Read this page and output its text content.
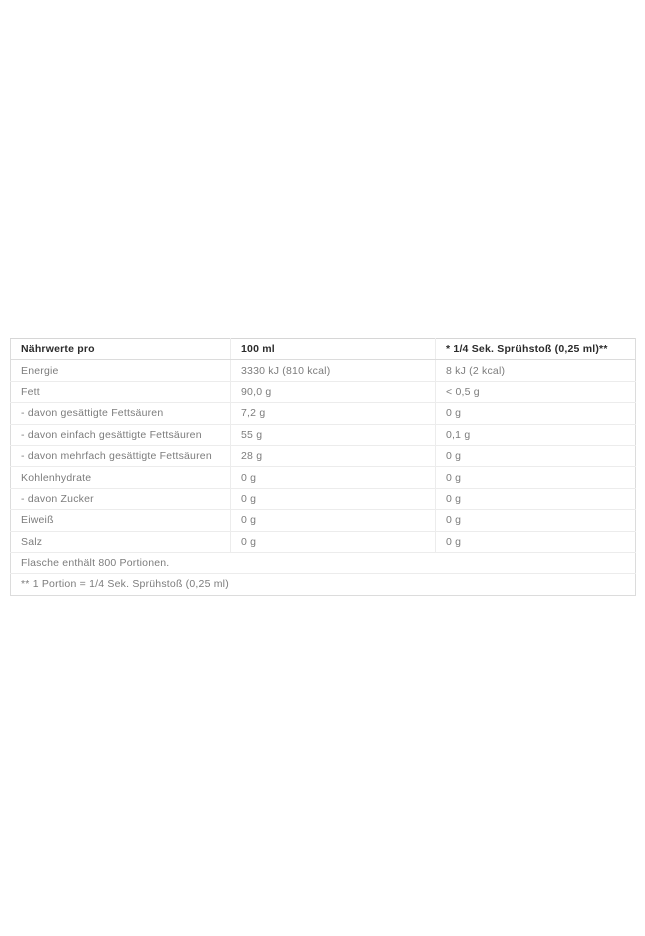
Nährwerte pro	100 ml	* 1/4 Sek. Sprühstoß (0,25 ml)**
Energie	3330 kJ (810 kcal)	8 kJ (2 kcal)
Fett	90,0 g	< 0,5 g
- davon gesättigte Fettsäuren	7,2 g	0 g
- davon einfach gesättigte Fettsäuren	55 g	0,1 g
- davon mehrfach gesättigte Fettsäuren	28 g	0 g
Kohlenhydrate	0 g	0 g
- davon Zucker	0 g	0 g
Eiweiß	0 g	0 g
Salz	0 g	0 g
Flasche enthält 800 Portionen.		
** 1 Portion = 1/4 Sek. Sprühstoß (0,25 ml)		
